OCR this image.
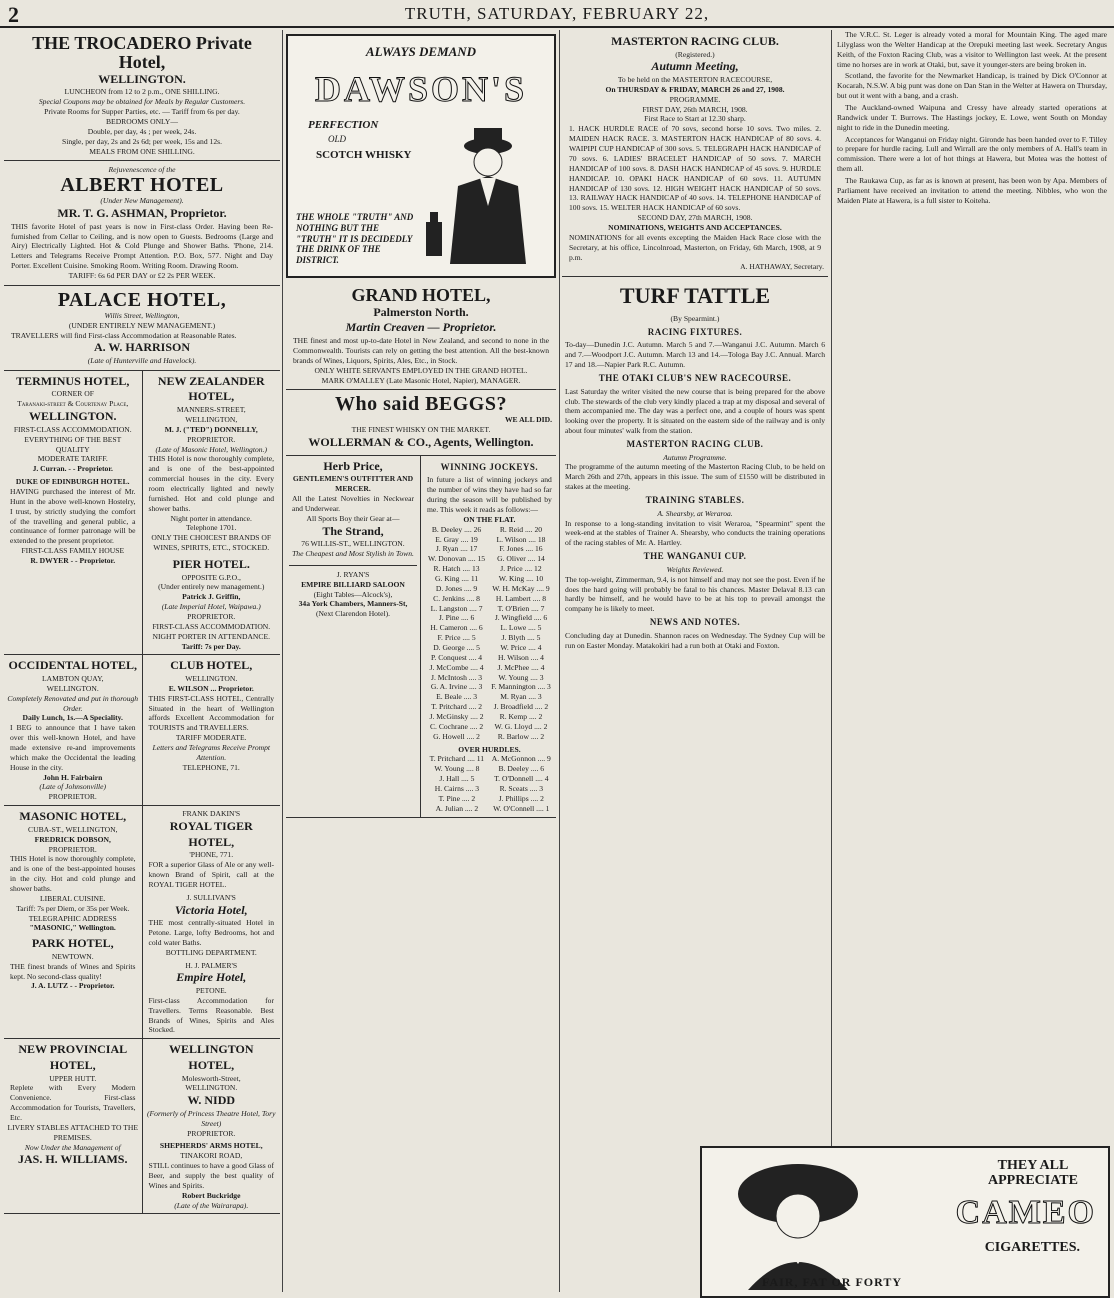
2	TRUTH, SATURDAY, FEBRUARY 22,
THE TROCADERO Private Hotel,
WELLINGTON.
LUNCHEON from 12 to 2 p.m., ONE SHILLING.
Special Coupons may be obtained for Meals by Regular Customers.
Private Rooms for Supper Parties, etc. — Tariff from 6s per day.
BEDROOMS ONLY—
Double, per day, 4s ; per week, 24s.
Single, per day, 2s and 2s 6d; per week, 15s and 12s.
MEALS FROM ONE SHILLING.
Rejuvenescence of the
ALBERT HOTEL
(Under New Management).
MR. T. G. ASHMAN, Proprietor.
THIS favorite Hotel of past years is now in First-class Order. Having been Re-furnished from Cellar to Ceiling, and is now open to Guests. Bedrooms (Large and Airy) Electrically Lighted. Hot & Cold Plunge and Shower Baths. 'Phone, 214. Letters and Telegrams Receive Prompt Attention. P.O. Box, 577. Night and Day Porter. Excellent Cuisine. Smoking Room. Writing Room. Drawing Room.
TARIFF: 6s 6d PER DAY or £2 2s PER WEEK.
PALACE HOTEL,
Willis Street, Wellington,
(UNDER ENTIRELY NEW MANAGEMENT.)
TRAVELLERS will find First-class Accommodation at Reasonable Rates.
A. W. HARRISON
(Late of Hunterville and Havelock).
TERMINUS HOTEL,
CORNER OF
Taranaki-street & Courtenay Place,
WELLINGTON.
FIRST-CLASS ACCOMMODATION.
EVERYTHING OF THE BEST QUALITY
MODERATE TARIFF.
J. Curran. - - Proprietor.
DUKE OF EDINBURGH HOTEL.
HAVING purchased the interest of Mr. Hunt in the above well-known Hostelry, I trust, by strictly studying the comfort of the travelling and general public, a continuance of former patronage will be extended to the present proprietor.
FIRST-CLASS FAMILY HOUSE
R. DWYER - - Proprietor.
NEW ZEALANDER HOTEL,
MANNERS-STREET,
WELLINGTON,
M. J. ("TED") DONNELLY,
PROPRIETOR.
(Late of Masonic Hotel, Wellington.)
THIS Hotel is now thoroughly complete, and is one of the best-appointed commercial houses in the city. Every room electrically lighted and newly furnished. Hot and cold plunge and shower baths.
Night porter in attendance.
Telephone 1701.
ONLY THE CHOICEST BRANDS OF WINES, SPIRITS, ETC., STOCKED.
PIER HOTEL.
OPPOSITE G.P.O.,
(Under entirely new management.)
Patrick J. Griffin,
(Late Imperial Hotel, Waipawa.)
PROPRIETOR.
FIRST-CLASS ACCOMMODATION.
NIGHT PORTER IN ATTENDANCE.
Tariff: 7s per Day.
OCCIDENTAL HOTEL,
LAMBTON QUAY,
WELLINGTON.
Completely Renovated and put in thorough Order.
Daily Lunch, 1s.—A Speciality.
I BEG to announce that I have taken over this well-known Hotel, and have made extensive re-and improvements which make the Occidental the leading House in the city.
John H. Fairbairn
(Late of Johnsonville)
PROPRIETOR.
CLUB HOTEL,
WELLINGTON.
E. WILSON ... Proprietor.
THIS FIRST-CLASS HOTEL, Centrally Situated in the heart of Wellington affords Excellent Accommodation for TOURISTS and TRAVELLERS.
TARIFF MODERATE.
Letters and Telegrams Receive Prompt Attention.
TELEPHONE, 71.
MASONIC HOTEL,
CUBA-ST., WELLINGTON,
FREDRICK DOBSON,
PROPRIETOR.
THIS Hotel is now thoroughly complete, and is one of the best-appointed houses in the city. Hot and cold plunge and shower baths.
LIBERAL CUISINE.
Tariff: 7s per Diem, or 35s per Week.
TELEGRAPHIC ADDRESS
"MASONIC," Wellington.
PARK HOTEL,
NEWTOWN.
THE finest brands of Wines and Spirits kept. No second-class quality!
J. A. LUTZ - - Proprietor.
FRANK DAKIN'S
ROYAL TIGER HOTEL,
'PHONE, 771.
FOR a superior Glass of Ale or any well-known Brand of Spirit, call at the ROYAL TIGER HOTEL.
J. SULLIVAN'S
Victoria Hotel,
THE most centrally-situated Hotel in Petone. Large, lofty Bedrooms, hot and cold water Baths.
BOTTLING DEPARTMENT.
H. J. PALMER'S
Empire Hotel,
PETONE.
First-class Accommodation for Travellers. Terms Reasonable. Best Brands of Wines, Spirits and Ales Stocked.
NEW PROVINCIAL HOTEL,
UPPER HUTT.
Replete with Every Modern Convenience. First-class Accommodation for Tourists, Travellers, Etc.
LIVERY STABLES ATTACHED TO THE PREMISES.
Now Under the Management of
JAS. H. WILLIAMS.
WELLINGTON HOTEL,
Molesworth-Street,
WELLINGTON.
W. NIDD
(Formerly of Princess Theatre Hotel, Tory Street)
PROPRIETOR.
SHEPHERDS' ARMS HOTEL,
TINAKORI ROAD,
STILL continues to have a good Glass of Beer, and supply the best quality of Wines and Spirits.
Robert Buckridge
(Late of the Wairarapa).
ALWAYS DEMAND
DAWSON'S
PERFECTION
OLD
SCOTCH WHISKY
THE WHOLE "TRUTH" AND NOTHING BUT THE "TRUTH" IT IS DECIDEDLY THE DRINK OF THE DISTRICT.
GRAND HOTEL,
Palmerston North.
Martin Creaven — Proprietor.
THE finest and most up-to-date Hotel in New Zealand, and second to none in the Commonwealth. Tourists can rely on getting the best attention. All the best-known brands of Wines, Liquors, Spirits, Ales, Etc., in Stock.
ONLY WHITE SERVANTS EMPLOYED IN THE GRAND HOTEL.
MARK O'MALLEY (Late Masonic Hotel, Napier), MANAGER.
Who said BEGGS?
WE ALL DID.
THE FINEST WHISKY ON THE MARKET.
WOLLERMAN & CO., Agents, Wellington.
Herb Price,
GENTLEMEN'S OUTFITTER AND MERCER.
All the Latest Novelties in Neckwear and Underwear.
All Sports Boy their Gear at—
The Strand,
76 WILLIS-ST., WELLINGTON.
The Cheapest and Most Stylish in Town.
J. RYAN'S
EMPIRE BILLIARD SALOON
(Eight Tables—Alcock's),
34a York Chambers, Manners-St,
(Next Clarendon Hotel).
WINNING JOCKEYS.
In future a list of winning jockeys and the number of wins they have had so far during the season will be published by me. This week it reads as follows:—
ON THE FLAT.
B. Deeley .... 26	R. Reid .... 20
E. Gray .... 19	L. Wilson .... 18
J. Ryan .... 17	F. Jones .... 16
W. Donovan .... 15	G. Oliver .... 14
R. Hatch .... 13	J. Price .... 12
G. King .... 11	W. King .... 10
D. Jones .... 9	W. H. McKay .... 9
C. Jenkins .... 8	H. Lambert .... 8
L. Langston .... 7	T. O'Brien .... 7
J. Pine .... 6	J. Wingfield .... 6
H. Cameron .... 6	L. Lowe .... 5
F. Price .... 5	J. Blyth .... 5
D. George .... 5	W. Price .... 4
P. Conquest .... 4	H. Wilson .... 4
J. McCombe .... 4	J. McPhee .... 4
J. McIntosh .... 3	W. Young .... 3
G. A. Irvine .... 3	F. Mannington .... 3
E. Beale .... 3	M. Ryan .... 3
T. Pritchard .... 2	J. Broadfield .... 2
J. McGinsky .... 2	R. Kemp .... 2
C. Cochrane .... 2	W. G. Lloyd .... 2
G. Howell .... 2	R. Barlow .... 2
OVER HURDLES.
T. Pritchard .... 11 A. McGonnon .... 9
W. Young .... 8	B. Deeley .... 6
J. Hall .... 5	T. O'Donnell .... 4
H. Cairns .... 3	R. Sceats .... 3
T. Pine .... 2	J. Phillips .... 2
A. Julian .... 2	W. O'Connell .... 1
MASTERTON RACING CLUB.
(Registered.)
Autumn Meeting,
To be held on the MASTERTON RACECOURSE,
On THURSDAY & FRIDAY, MARCH 26 and 27, 1908.
PROGRAMME.
FIRST DAY, 26th MARCH, 1908.
First Race to Start at 12.30 sharp.
1. HACK HURDLE RACE of 70 sovs, second horse 10 sovs. Two miles. 2. MAIDEN HACK RACE. 3. MASTERTON HACK HANDICAP of 80 sovs. 4. WAIPIPI CUP HANDICAP of 300 sovs. 5. TELEGRAPH HACK HANDICAP of 70 sovs. 6. LADIES' BRACELET HANDICAP of 50 sovs. 7. MARCH HANDICAP of 100 sovs. 8. DASH HACK HANDICAP of 45 sovs. 9. HURDLE HANDICAP. 10. OPAKI HACK HANDICAP of 60 sovs. 11. AUTUMN HANDICAP of 130 sovs. 12. HIGH WEIGHT HACK HANDICAP of 50 sovs. 13. RAILWAY HACK HANDICAP of 40 sovs. 14. TELEPHONE HANDICAP of 100 sovs. 15. WELTER HACK HANDICAP of 60 sovs.
SECOND DAY, 27th MARCH, 1908.
NOMINATIONS, WEIGHTS AND ACCEPTANCES.
NOMINATIONS for all events excepting the Maiden Hack Race close with the Secretary, at his office, Lincolnroad, Masterton, on Friday, 6th March, 1908, at 9 p.m.
A. HATHAWAY, Secretary.
TURF TATTLE
(By Spearmint.)
RACING FIXTURES.
To-day—Dunedin J.C. Autumn. March 5 and 7.—Wanganui J.C. Autumn. March 6 and 7.—Woodport J.C. Autumn. March 13 and 14.—Tologa Bay J.C. Annual. March 17 and 18.—Napier Park R.C. Autumn.
THE OTAKI CLUB'S NEW RACECOURSE.
Last Saturday the writer visited the new course that is being prepared for the above club. The stewards of the club very kindly placed a trap at my disposal and several of them accompanied me. The day was a perfect one, and a couple of hours was spent looking over the property. It is situated on the eastern side of the railway and is only about four minutes' walk from the station.
MASTERTON RACING CLUB.
Autumn Programme.
The programme of the autumn meeting of the Masterton Racing Club, to be held on March 26th and 27th, appears in this issue. The sum of £1550 will be distributed in stakes at the meeting.
TRAINING STABLES.
A. Shearsby, at Weraroa.
In response to a long-standing invitation to visit Weraroa, "Spearmint" spent the week-end at the stables of Trainer A. Shearsby, who conducts the training operations of the racing stables of Mr. A. Hartley.
THE WANGANUI CUP.
Weights Reviewed.
The top-weight, Zimmerman, 9.4, is not himself and may not see the post. Even if he does the hard going will probably be fatal to his chances. Master Delaval 8.13 can hardly be himself, and he would have to be at his top to prevail amongst the company he is likely to meet.
NEWS AND NOTES.
Concluding day at Dunedin. Shannon races on Wednesday. The Sydney Cup will be run on Easter Monday. Matakokiri had a run both at Otaki and Foxton.

The V.R.C. St. Leger is already voted a moral for Mountain King. The aged mare Lilyglass won the Welter Handicap at the Orepuki meeting last week. Secretary Angus Keith, of the Foxton Racing Club, was a visitor to Wellington last week. At the present time no horses are in work at Otaki, but, save it younger-sters are being broken in.

Scotland, the favorite for the Newmarket Handicap, is trained by Dick O'Connor at Kocarah, N.S.W. A big punt was done on Dan Stan in the Welter at Hawera on Thursday, but out it went with a bang, and a crash.

The Auckland-owned Waipuna and Cressy have already started operations at Randwick under T. Burrows. The Hastings jockey, E. Lowe, went South on Monday night to ride in the Dunedin meeting.

Acceptances for Wanganui on Friday night. Gironde has been handed over to F. Tilley to prepare for hurdle racing. Lull and Wirrall are the only members of A. Hall's team in commission. There were a lot of hot things at Hawera, but Motea was the hottest of them all.

The Raukawa Cup, as far as is known at present, has been won by Apa. Members of Parliament have received an invitation to attend the meeting. Nibbles, who won the Maiden Plate at Hawera, is a full sister to Koiteha.

THEY ALL APPRECIATE
CAMEO
CIGARETTES.
FAIR, FAT OR FORTY
